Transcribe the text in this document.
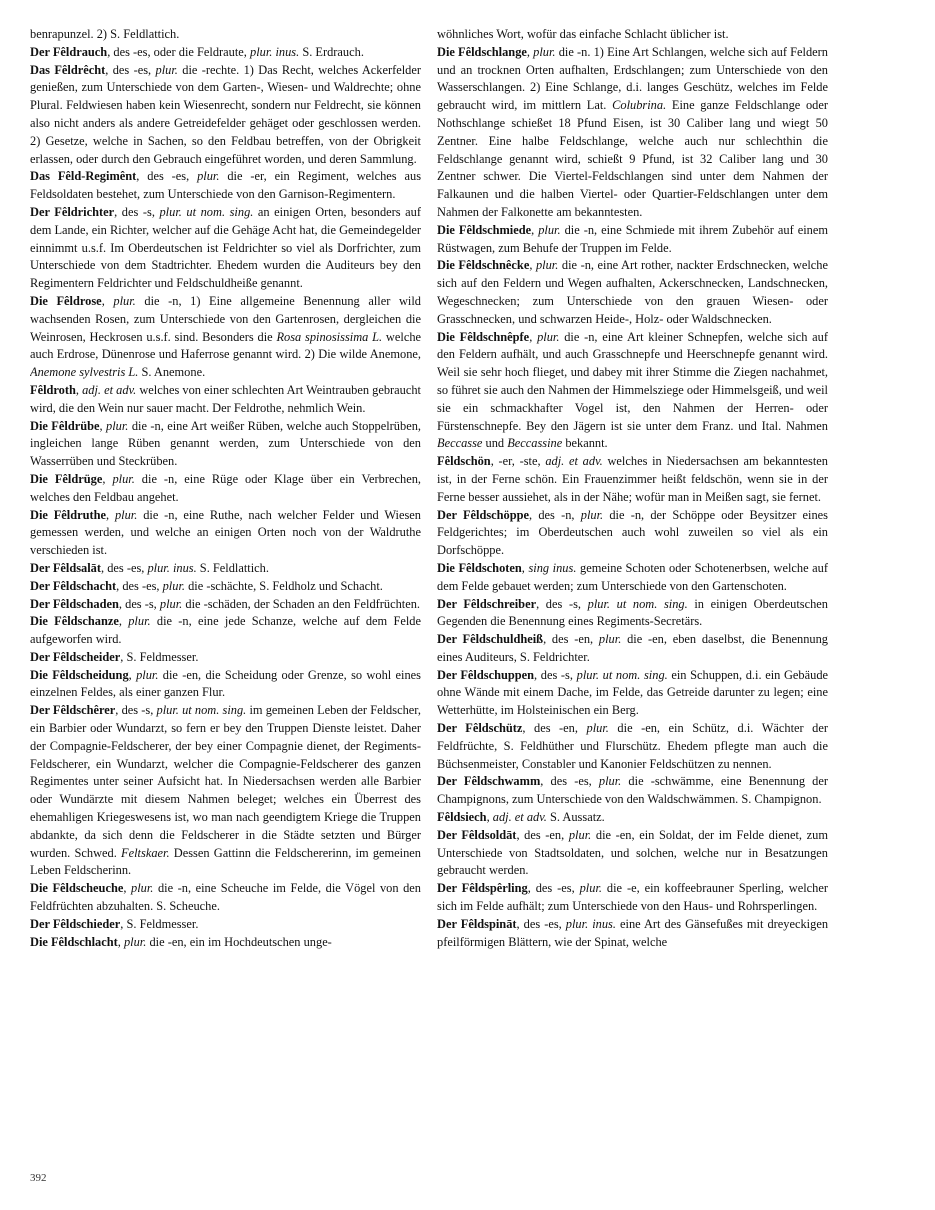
benrapunzel. 2) S. Feldlattich.

Der Fêldrauch, des -es, oder die Feldraute, plur. inus. S. Erdrauch.

Das Fêldrêcht, des -es, plur. die -rechte. 1) Das Recht, welches Ackerfelder genießen, zum Unterschiede von dem Garten-, Wiesen- und Waldrechte; ohne Plural. Feldwiesen haben kein Wiesenrecht, sondern nur Feldrecht, sie können also nicht anders als andere Getreidefelder gehäget oder geschlossen werden. 2) Gesetze, welche in Sachen, so den Feldbau betreffen, von der Obrigkeit erlassen, oder durch den Gebrauch eingeführet worden, und deren Sammlung.

Das Fêld-Regimênt, des -es, plur. die -er, ein Regiment, welches aus Feldsoldaten bestehet, zum Unterschiede von den Garnison-Regimentern.

Der Fêldrichter, des -s, plur. ut nom. sing. an einigen Orten, besonders auf dem Lande, ein Richter, welcher auf die Gehäge Acht hat, die Gemeindegelder einnimmt u.s.f. Im Oberdeutschen ist Feldrichter so viel als Dorfrichter, zum Unterschiede von dem Stadtrichter. Ehedem wurden die Auditeurs bey den Regimentern Feldrichter und Feldschuldheiße genannt.

Die Fêldrose, plur. die -n, 1) Eine allgemeine Benennung aller wild wachsenden Rosen, zum Unterschiede von den Gartenrosen, dergleichen die Weinrosen, Heckrosen u.s.f. sind. Besonders die Rosa spinosissima L. welche auch Erdrose, Dünenrose und Haferrose genannt wird. 2) Die wilde Anemone, Anemone sylvestris L. S. Anemone.

Fêldroth, adj. et adv. welches von einer schlechten Art Weintrauben gebraucht wird, die den Wein nur sauer macht. Der Feldrothe, nehmlich Wein.

Die Fêldrübe, plur. die -n, eine Art weißer Rüben, welche auch Stoppelrüben, ingleichen lange Rüben genannt werden, zum Unterschiede von den Wasserrüben und Steckrüben.

Die Fêldrüge, plur. die -n, eine Rüge oder Klage über ein Verbrechen, welches den Feldbau angehet.

Die Fêldruthe, plur. die -n, eine Ruthe, nach welcher Felder und Wiesen gemessen werden, und welche an einigen Orten noch von der Waldruthe verschieden ist.

Der Fêldsalāt, des -es, plur. inus. S. Feldlattich.

Der Fêldschacht, des -es, plur. die -schächte, S. Feldholz und Schacht.

Der Fêldschaden, des -s, plur. die -schäden, der Schaden an den Feldfrüchten.

Die Fêldschanze, plur. die -n, eine jede Schanze, welche auf dem Felde aufgeworfen wird.

Der Fêldscheider, S. Feldmesser.

Die Fêldscheidung, plur. die -en, die Scheidung oder Grenze, so wohl eines einzelnen Feldes, als einer ganzen Flur.

Der Fêldschêrer, des -s, plur. ut nom. sing. im gemeinen Leben der Feldscher, ein Barbier oder Wundarzt, so fern er bey den Truppen Dienste leistet. Daher der Compagnie-Feldscherer, der bey einer Compagnie dienet, der Regiments-Feldscherer, ein Wundarzt, welcher die Compagnie-Feldscherer des ganzen Regimentes unter seiner Aufsicht hat. In Niedersachsen werden alle Barbier oder Wundärzte mit diesem Nahmen beleget; welches ein Überrest des ehemahligen Kriegeswesens ist, wo man nach geendigtem Kriege die Truppen abdankte, da sich denn die Feldscherer in die Städte setzten und Bürger wurden. Schwed. Feltskaer. Dessen Gattinn die Feldschererinn, im gemeinen Leben Feldscherinn.

Die Fêldscheuche, plur. die -n, eine Scheuche im Felde, die Vögel von den Feldfrüchten abzuhalten. S. Scheuche.

Der Fêldschieder, S. Feldmesser.

Die Fêldschlacht, plur. die -en, ein im Hochdeutschen unge-

wöhnliches Wort, wofür das einfache Schlacht üblicher ist.

Die Fêldschlange, plur. die -n. 1) Eine Art Schlangen, welche sich auf Feldern und an trocknen Orten aufhalten, Erdschlangen; zum Unterschiede von den Wasserschlangen. 2) Eine Schlange, d.i. langes Geschütz, welches im Felde gebraucht wird, im mittlern Lat. Colubrina. Eine ganze Feldschlange oder Nothschlange schießet 18 Pfund Eisen, ist 30 Caliber lang und wiegt 50 Zentner. Eine halbe Feldschlange, welche auch nur schlechthin die Feldschlange genannt wird, schießt 9 Pfund, ist 32 Caliber lang und 30 Zentner schwer. Die Viertel-Feldschlangen sind unter dem Nahmen der Falkaunen und die halben Viertel- oder Quartier-Feldschlangen unter dem Nahmen der Falkonette am bekanntesten.

Die Fêldschmiede, plur. die -n, eine Schmiede mit ihrem Zubehör auf einem Rüstwagen, zum Behufe der Truppen im Felde.

Die Fêldschnêcke, plur. die -n, eine Art rother, nackter Erdschnecken, welche sich auf den Feldern und Wegen aufhalten, Ackerschnecken, Landschnecken, Wegeschnecken; zum Unterschiede von den grauen Wiesen- oder Grasschnecken, und schwarzen Heide-, Holz- oder Waldschnecken.

Die Fêldschnêpfe, plur. die -n, eine Art kleiner Schnepfen, welche sich auf den Feldern aufhält, und auch Grasschnepfe und Heerschnepfe genannt wird. Weil sie sehr hoch flieget, und dabey mit ihrer Stimme die Ziegen nachahmet, so führet sie auch den Nahmen der Himmelsziege oder Himmelsgeiß, und weil sie ein schmackhafter Vogel ist, den Nahmen der Herren- oder Fürstenschnepfe. Bey den Jägern ist sie unter dem Franz. und Ital. Nahmen Beccasse und Beccassine bekannt.

Fêldschön, -er, -ste, adj. et adv. welches in Niedersachsen am bekanntesten ist, in der Ferne schön. Ein Frauenzimmer heißt feldschön, wenn sie in der Ferne besser aussiehet, als in der Nähe; wofür man in Meißen sagt, sie fernet.

Der Fêldschöppe, des -n, plur. die -n, der Schöppe oder Beysitzer eines Feldgerichtes; im Oberdeutschen auch wohl zuweilen so viel als ein Dorfschöppe.

Die Fêldschoten, sing inus. gemeine Schoten oder Schotenerbsen, welche auf dem Felde gebauet werden; zum Unterschiede von den Gartenschoten.

Der Fêldschreiber, des -s, plur. ut nom. sing. in einigen Oberdeutschen Gegenden die Benennung eines Regiments-Secretärs.

Der Fêldschuldheiß, des -en, plur. die -en, eben daselbst, die Benennung eines Auditeurs, S. Feldrichter.

Der Fêldschuppen, des -s, plur. ut nom. sing. ein Schuppen, d.i. ein Gebäude ohne Wände mit einem Dache, im Felde, das Getreide darunter zu legen; eine Wetterhütte, im Holsteinischen ein Berg.

Der Fêldschütz, des -en, plur. die -en, ein Schütz, d.i. Wächter der Feldfrüchte, S. Feldhüther und Flurschütz. Ehedem pflegte man auch die Büchsenmeister, Constabler und Kanonier Feldschützen zu nennen.

Der Fêldschwamm, des -es, plur. die -schwämme, eine Benennung der Champignons, zum Unterschiede von den Waldschwämmen. S. Champignon.

Fêldsiech, adj. et adv. S. Aussatz.

Der Fêldsoldāt, des -en, plur. die -en, ein Soldat, der im Felde dienet, zum Unterschiede von Stadtsoldaten, und solchen, welche nur in Besatzungen gebraucht werden.

Der Fêldspêrling, des -es, plur. die -e, ein koffeebrauner Sperling, welcher sich im Felde aufhält; zum Unterschiede von den Haus- und Rohrsperlingen.

Der Fêldspināt, des -es, plur. inus. eine Art des Gänsefußes mit dreyeckigen pfeilförmigen Blättern, wie der Spinat, welche

392
